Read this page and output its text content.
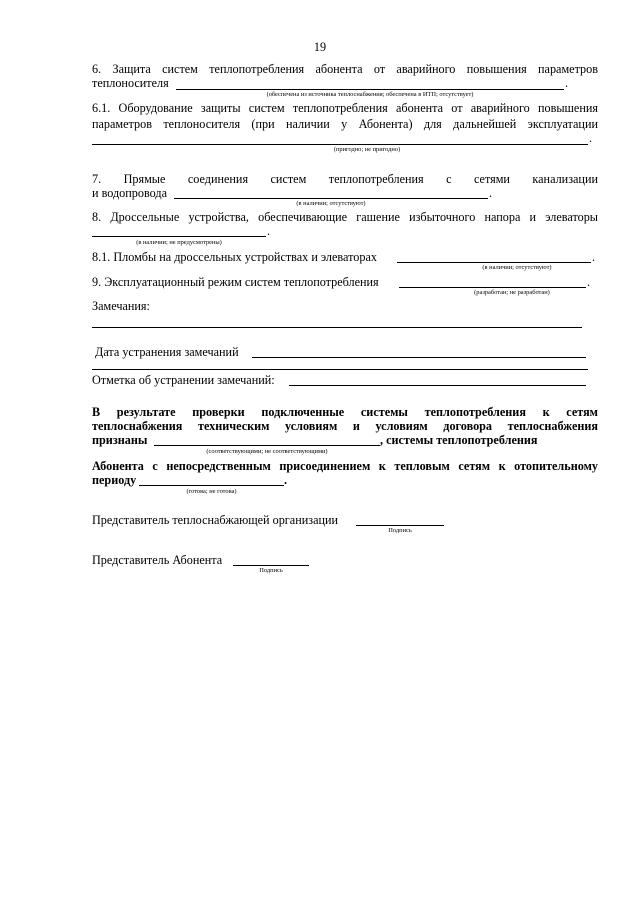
19
6. Защита систем теплопотребления абонента от аварийного повышения параметров
теплоносителя	.
(обеспечена из источника теплоснабжения; обеспечена в ИТП; отсутствует)
6.1. Оборудование защиты систем теплопотребления абонента от аварийного повышения
параметров теплоносителя (при наличии у Абонента) для дальнейшей эксплуатации
.
(пригодно; не пригодно)
7. Прямые соединения систем теплопотребления с сетями канализации
и водопровода	.
(в наличии; отсутствуют)
8. Дроссельные устройства, обеспечивающие гашение избыточного напора и элеваторы
.
(в наличии; не предусмотрены)
8.1. Пломбы на дроссельных устройствах и элеваторах	.
(в наличии; отсутствуют)
9. Эксплуатационный режим систем теплопотребления	.
(разработан; не разработан)
Замечания:
Дата устранения замечаний
Отметка об устранении замечаний:
В результате проверки подключенные системы теплопотребления к сетям
теплоснабжения техническим условиям и условиям договора теплоснабжения
признаны	, системы теплопотребления
(соответствующими; не соответствующими)
Абонента с непосредственным присоединением к тепловым сетям к отопительному
периоду	.
(готова; не готова)
Представитель теплоснабжающей организации
Подпись
Представитель Абонента
Подпись
